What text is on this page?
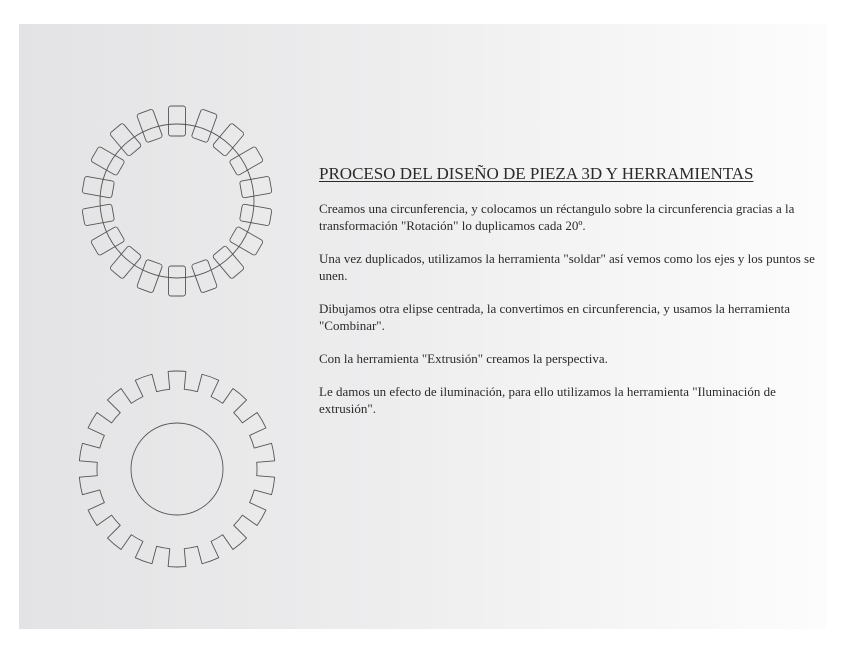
PROCESO DEL DISEÑO DE PIEZA 3D Y HERRAMIENTAS

Creamos una circunferencia, y colocamos un réctangulo sobre la circunferencia gracias a la transformación "Rotación" lo duplicamos cada 20º.

Una vez duplicados, utilizamos la herramienta "soldar" así vemos como los ejes y los puntos se unen.

Dibujamos otra elipse centrada, la convertimos en circunferencia, y usamos la herramienta "Combinar".

Con la herramienta "Extrusión" creamos la perspectiva.

Le damos un efecto de iluminación, para ello utilizamos la herramienta "Iluminación de extrusión".
